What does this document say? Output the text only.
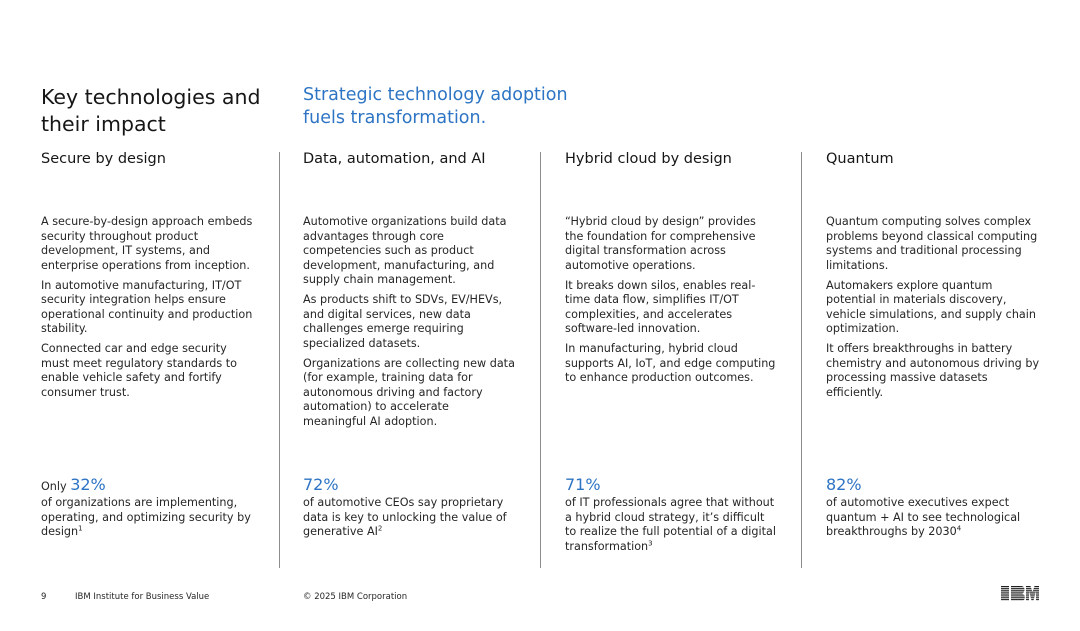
Key technologies and their impact
Strategic technology adoption fuels transformation.
Secure by design

A secure-by-design approach embeds security throughout product development, IT systems, and enterprise operations from inception.

In automotive manufacturing, IT/OT security integration helps ensure operational continuity and production stability.

Connected car and edge security must meet regulatory standards to enable vehicle safety and fortify consumer trust.

Only 32%
of organizations are implementing, operating, and optimizing security by design$^1$
Data, automation, and AI

Automotive organizations build data advantages through core competencies such as product development, manufacturing, and supply chain management.

As products shift to SDVs, EV/HEVs, and digital services, new data challenges emerge requiring specialized datasets.

Organizations are collecting new data (for example, training data for autonomous driving and factory automation) to accelerate meaningful AI adoption.

72%
of automotive CEOs say proprietary data is key to unlocking the value of generative $AI^2$
Hybrid cloud by design

“Hybrid cloud by design” provides the foundation for comprehensive digital transformation across automotive operations.

It breaks down silos, enables real-time data flow, simplifies IT/OT complexities, and accelerates software-led innovation.

In manufacturing, hybrid cloud supports AI, IoT, and edge computing to enhance production outcomes.

71%
of IT professionals agree that without a hybrid cloud strategy, it’s difficult to realize the full potential of a digital transformation$^3$
Quantum

Quantum computing solves complex problems beyond classical computing systems and traditional processing limitations.

Automakers explore quantum potential in materials discovery, vehicle simulations, and supply chain optimization.

It offers breakthroughs in battery chemistry and autonomous driving by processing massive datasets efficiently.

82%
of automotive executives expect quantum + AI to see technological breakthroughs by 2030$^4$
9	IBM Institute for Business Value	© 2025 IBM Corporation
